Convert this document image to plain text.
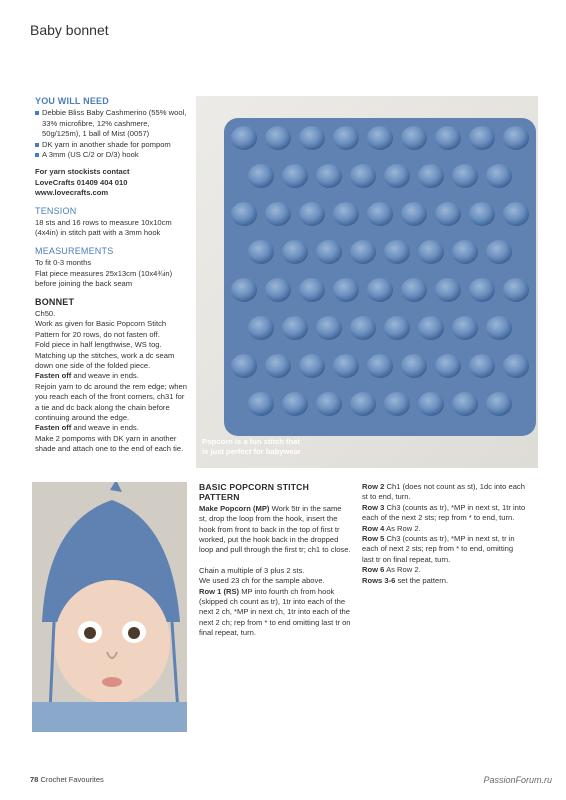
Baby bonnet
YOU WILL NEED
Debbie Bliss Baby Cashmerino (55% wool, 33% microfibre, 12% cashmere, 50g/125m), 1 ball of Mist (0057)
DK yarn in another shade for pompom
A 3mm (US C/2 or D/3) hook

For yarn stockists contact

LoveCrafts 01409 404 010

www.lovecrafts.com

TENSION

18 sts and 16 rows to measure 10x10cm (4x4in) in stitch patt with a 3mm hook

MEASUREMENTS

To fit 0-3 months

Flat piece measures 25x13cm (10x4¾in) before joining the back seam

BONNET

Ch50.

Work as given for Basic Popcorn Stitch Pattern for 20 rows, do not fasten off.

Fold piece in half lengthwise, WS tog.

Matching up the stitches, work a dc seam down one side of the folded piece.

Fasten off and weave in ends.

Rejoin yarn to dc around the rem edge; when you reach each of the front corners, ch31 for a tie and dc back along the chain before continuing around the edge.

Fasten off and weave in ends.

Make 2 pompoms with DK yarn in another shade and attach one to the end of each tie.

Popcorn is a fun stitch that

is just perfect for babywear

BASIC POPCORN STITCH PATTERN

Make Popcorn (MP) Work 5tr in the same st, drop the loop from the hook, insert the hook from front to back in the top of first tr worked, put the hook back in the dropped loop and pull through the first tr; ch1 to close.

Chain a multiple of 3 plus 2 sts.

We used 23 ch for the sample above.

Row 1 (RS) MP into fourth ch from hook (skipped ch count as tr), 1tr into each of the next 2 ch, *MP in next ch, 1tr into each of the next 2 ch; rep from * to end omitting last tr on final repeat, turn.

Row 2 Ch1 (does not count as st), 1dc into each st to end, turn.

Row 3 Ch3 (counts as tr), *MP in next st, 1tr into each of the next 2 sts; rep from * to end, turn.

Row 4 As Row 2.

Row 5 Ch3 (counts as tr), *MP in next st, tr in each of next 2 sts; rep from * to end, omitting last tr on final repeat, turn.

Row 6 As Row 2.

Rows 3-6 set the pattern.

78 Crochet Favourites	PassionForum.ru
